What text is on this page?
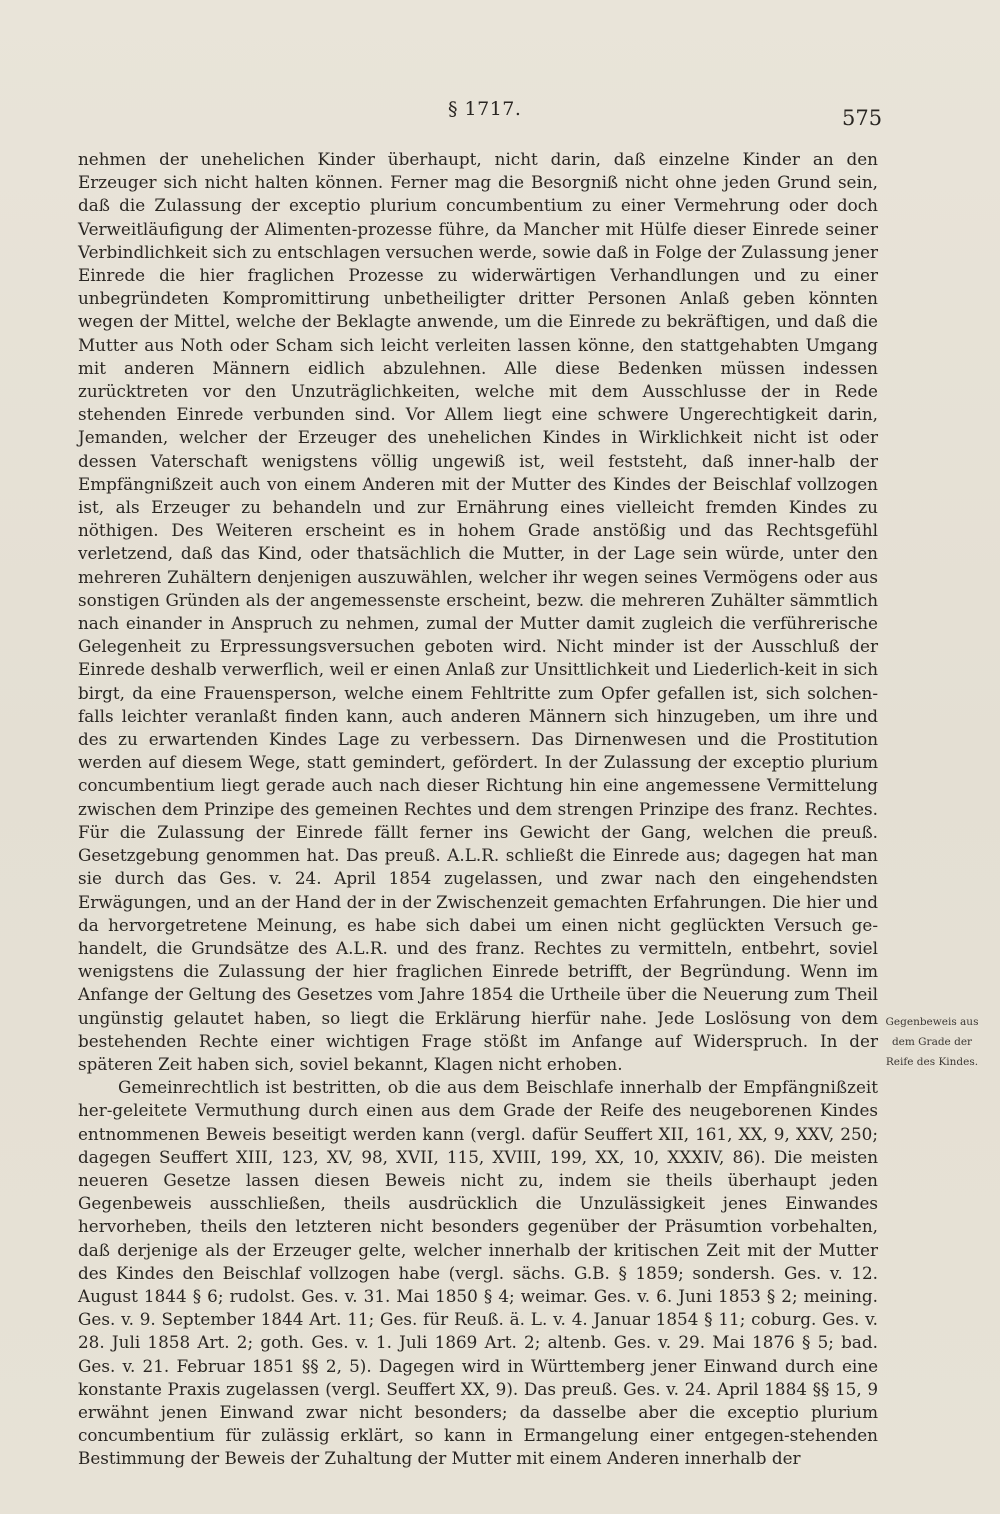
§ 1717.	575

nehmen der unehelichen Kinder überhaupt, nicht darin, daß einzelne Kinder an den Erzeuger sich nicht halten können. Ferner mag die Besorgniß nicht ohne jeden Grund sein, daß die Zulassung der exceptio plurium concumbentium zu einer Vermehrung oder doch Verweitläufigung der Alimenten-prozesse führe, da Mancher mit Hülfe dieser Einrede seiner Verbindlichkeit sich zu entschlagen versuchen werde, sowie daß in Folge der Zulassung jener Einrede die hier fraglichen Prozesse zu widerwärtigen Verhandlungen und zu einer unbegründeten Kompromittirung unbetheiligter dritter Personen Anlaß geben könnten wegen der Mittel, welche der Beklagte anwende, um die Einrede zu bekräftigen, und daß die Mutter aus Noth oder Scham sich leicht verleiten lassen könne, den stattgehabten Umgang mit anderen Männern eidlich abzulehnen. Alle diese Bedenken müssen indessen zurücktreten vor den Unzuträglichkeiten, welche mit dem Ausschlusse der in Rede stehenden Einrede verbunden sind. Vor Allem liegt eine schwere Ungerechtigkeit darin, Jemanden, welcher der Erzeuger des unehelichen Kindes in Wirklichkeit nicht ist oder dessen Vaterschaft wenigstens völlig ungewiß ist, weil feststeht, daß inner-halb der Empfängnißzeit auch von einem Anderen mit der Mutter des Kindes der Beischlaf vollzogen ist, als Erzeuger zu behandeln und zur Ernährung eines vielleicht fremden Kindes zu nöthigen. Des Weiteren erscheint es in hohem Grade anstößig und das Rechtsgefühl verletzend, daß das Kind, oder thatsächlich die Mutter, in der Lage sein würde, unter den mehreren Zuhältern denjenigen auszuwählen, welcher ihr wegen seines Vermögens oder aus sonstigen Gründen als der angemessenste erscheint, bezw. die mehreren Zuhälter sämmtlich nach einander in Anspruch zu nehmen, zumal der Mutter damit zugleich die verführerische Gelegenheit zu Erpressungsversuchen geboten wird. Nicht minder ist der Ausschluß der Einrede deshalb verwerflich, weil er einen Anlaß zur Unsittlichkeit und Liederlich-keit in sich birgt, da eine Frauensperson, welche einem Fehltritte zum Opfer gefallen ist, sich solchen-falls leichter veranlaßt finden kann, auch anderen Männern sich hinzugeben, um ihre und des zu erwartenden Kindes Lage zu verbessern. Das Dirnenwesen und die Prostitution werden auf diesem Wege, statt gemindert, gefördert. In der Zulassung der exceptio plurium concumbentium liegt gerade auch nach dieser Richtung hin eine angemessene Vermittelung zwischen dem Prinzipe des gemeinen Rechtes und dem strengen Prinzipe des franz. Rechtes. Für die Zulassung der Einrede fällt ferner ins Gewicht der Gang, welchen die preuß. Gesetzgebung genommen hat. Das preuß. A.L.R. schließt die Einrede aus; dagegen hat man sie durch das Ges. v. 24. April 1854 zugelassen, und zwar nach den eingehendsten Erwägungen, und an der Hand der in der Zwischenzeit gemachten Erfahrungen. Die hier und da hervorgetretene Meinung, es habe sich dabei um einen nicht geglückten Versuch ge-handelt, die Grundsätze des A.L.R. und des franz. Rechtes zu vermitteln, entbehrt, soviel wenigstens die Zulassung der hier fraglichen Einrede betrifft, der Begründung. Wenn im Anfange der Geltung des Gesetzes vom Jahre 1854 die Urtheile über die Neuerung zum Theil ungünstig gelautet haben, so liegt die Erklärung hierfür nahe. Jede Loslösung von dem bestehenden Rechte einer wichtigen Frage stößt im Anfange auf Widerspruch. In der späteren Zeit haben sich, soviel bekannt, Klagen nicht erhoben.

Gemeinrechtlich ist bestritten, ob die aus dem Beischlafe innerhalb der Empfängnißzeit her-geleitete Vermuthung durch einen aus dem Grade der Reife des neugeborenen Kindes entnommenen Beweis beseitigt werden kann (vergl. dafür Seuffert XII, 161, XX, 9, XXV, 250; dagegen Seuffert XIII, 123, XV, 98, XVII, 115, XVIII, 199, XX, 10, XXXIV, 86). Die meisten neueren Gesetze lassen diesen Beweis nicht zu, indem sie theils überhaupt jeden Gegenbeweis ausschließen, theils ausdrücklich die Unzulässigkeit jenes Einwandes hervorheben, theils den letzteren nicht besonders gegenüber der Präsumtion vorbehalten, daß derjenige als der Erzeuger gelte, welcher innerhalb der kritischen Zeit mit der Mutter des Kindes den Beischlaf vollzogen habe (vergl. sächs. G.B. § 1859; sondersh. Ges. v. 12. August 1844 § 6; rudolst. Ges. v. 31. Mai 1850 § 4; weimar. Ges. v. 6. Juni 1853 § 2; meining. Ges. v. 9. September 1844 Art. 11; Ges. für Reuß. ä. L. v. 4. Januar 1854 § 11; coburg. Ges. v. 28. Juli 1858 Art. 2; goth. Ges. v. 1. Juli 1869 Art. 2; altenb. Ges. v. 29. Mai 1876 § 5; bad. Ges. v. 21. Februar 1851 §§ 2, 5). Dagegen wird in Württemberg jener Einwand durch eine konstante Praxis zugelassen (vergl. Seuffert XX, 9). Das preuß. Ges. v. 24. April 1884 §§ 15, 9 erwähnt jenen Einwand zwar nicht besonders; da dasselbe aber die exceptio plurium concumbentium für zulässig erklärt, so kann in Ermangelung einer entgegen-stehenden Bestimmung der Beweis der Zuhaltung der Mutter mit einem Anderen innerhalb der

Gegenbeweis aus dem Grade der Reife des Kindes.
